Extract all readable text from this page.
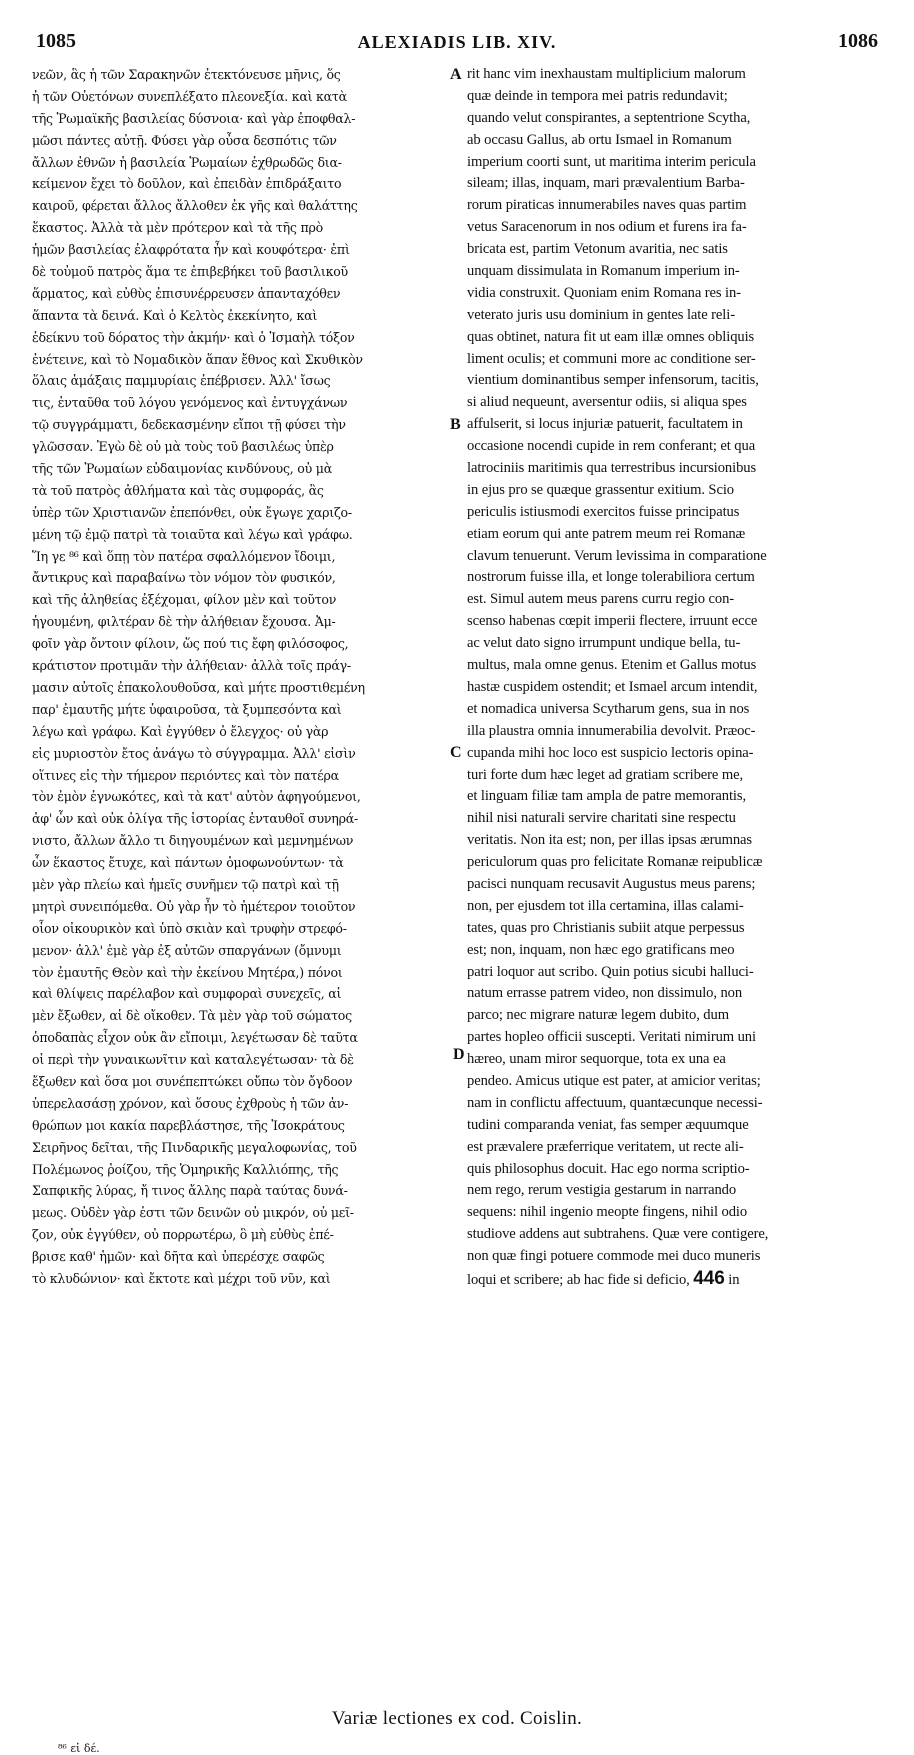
1085	ALEXIADIS LIB. XIV.	1086
νεῶν, ἃς ἡ τῶν Σαρακηνῶν ἐτεκτόνευσε μῆνις, ὅς
ἡ τῶν Οὐετόνων συνεπλέξατο πλεονεξία. καὶ κατὰ
τῆς Ῥωμαϊκῆς βασιλείας δύσνοια· καὶ γὰρ ἐποφθαλ-
μῶσι πάντες αὐτῇ. Φύσει γὰρ οὖσα δεσπότις τῶν
ἄλλων ἐθνῶν ἡ βασιλεία Ῥωμαίων ἐχθρωδῶς δια-
κείμενον ἔχει τὸ δοῦλον, καὶ ἐπειδὰν ἐπιδράξαιτο
καιροῦ, φέρεται ἄλλος ἄλλοθεν ἐκ γῆς καὶ θαλάττης
ἕκαστος. Ἀλλὰ τὰ μὲν πρότερον καὶ τὰ τῆς πρὸ
ἡμῶν βασιλείας ἐλαφρότατα ἦν καὶ κουφότερα· ἐπὶ
δὲ τοὐμοῦ πατρὸς ἅμα τε ἐπιβεβήκει τοῦ βασιλικοῦ
ἅρματος, καὶ εὐθὺς ἐπισυνέρρευσεν ἁπανταχόθεν
ἅπαντα τὰ δεινά. Καὶ ὁ Κελτὸς ἐκεκίνητο, καὶ
ἐδείκνυ τοῦ δόρατος τὴν ἀκμήν· καὶ ὁ Ἰσμαὴλ τόξον
ἐνέτεινε, καὶ τὸ Νομαδικὸν ἅπαν ἔθνος καὶ Σκυθικὸν
ὅλαις ἁμάξαις παμμυρίαις ἐπέβρισεν. Ἀλλ' ἴσως
τις, ἐνταῦθα τοῦ λόγου γενόμενος καὶ ἐντυγχάνων
τῷ συγγράμματι, δεδεκασμένην εἴποι τῇ φύσει τὴν
γλῶσσαν. Ἐγὼ δὲ οὐ μὰ τοὺς τοῦ βασιλέως ὑπὲρ
τῆς τῶν Ῥωμαίων εὐδαιμονίας κινδύνους, οὐ μὰ
τὰ τοῦ πατρὸς ἀθλήματα καὶ τὰς συμφοράς, ἃς
ὑπὲρ τῶν Χριστιανῶν ἐπεπόνθει, οὐκ ἔγωγε χαριζο-
μένη τῷ ἐμῷ πατρὶ τὰ τοιαῦτα καὶ λέγω καὶ γράφω.
Ἵη γε ⁸⁶ καὶ ὅπῃ τὸν πατέρα σφαλλόμενον ἴδοιμι,
ἄντικρυς καὶ παραβαίνω τὸν νόμον τὸν φυσικόν,
καὶ τῆς ἀληθείας ἐξέχομαι, φίλον μὲν καὶ τοῦτον
ἡγουμένη, φιλτέραν δὲ τὴν ἀλήθειαν ἔχουσα. Ἀμ-
φοῖν γὰρ ὄντοιν φίλοιν, ὥς πού τις ἔφη φιλόσοφος,
κράτιστον προτιμᾶν τὴν ἀλήθειαν· ἀλλὰ τοῖς πράγ-
μασιν αὐτοῖς ἐπακολουθοῦσα, καὶ μήτε προστιθεμένη
παρ' ἐμαυτῆς μήτε ὑφαιροῦσα, τὰ ξυμπεσόντα καὶ
λέγω καὶ γράφω. Καὶ ἐγγύθεν ὁ ἔλεγχος· οὐ γὰρ
εἰς μυριοστὸν ἔτος ἀνάγω τὸ σύγγραμμα. Ἀλλ' εἰσὶν
οἵτινες εἰς τὴν τήμερον περιόντες καὶ τὸν πατέρα
τὸν ἐμὸν ἐγνωκότες, καὶ τὰ κατ' αὐτὸν ἀφηγούμενοι,
ἀφ' ὧν καὶ οὐκ ὀλίγα τῆς ἱστορίας ἐνταυθοῖ συνηρά-
νιστο, ἄλλων ἄλλο τι διηγουμένων καὶ μεμνημένων
ὧν ἕκαστος ἔτυχε, καὶ πάντων ὁμοφωνούντων· τὰ
μὲν γὰρ πλείω καὶ ἡμεῖς συνῆμεν τῷ πατρὶ καὶ τῇ
μητρὶ συνειπόμεθα. Οὐ γὰρ ἦν τὸ ἡμέτερον τοιοῦτον
οἷον οἰκουρικὸν καὶ ὑπὸ σκιὰν καὶ τρυφὴν στρεφό-
μενον· ἀλλ' ἐμὲ γὰρ ἐξ αὐτῶν σπαργάνων (ὄμνυμι
τὸν ἐμαυτῆς Θεὸν καὶ τὴν ἐκείνου Μητέρα,) πόνοι
καὶ θλίψεις παρέλαβον καὶ συμφοραὶ συνεχεῖς, αἱ
μὲν ἔξωθεν, αἱ δὲ οἴκοθεν. Τὰ μὲν γὰρ τοῦ σώματος
ὁποδαπὰς εἶχον οὐκ ἂν εἴποιμι, λεγέτωσαν δὲ ταῦτα
οἱ περὶ τὴν γυναικωνῖτιν καὶ καταλεγέτωσαν· τὰ δὲ
ἔξωθεν καὶ ὅσα μοι συνέπεπτώκει οὔπω τὸν ὄγδοον
ὑπερελασάσῃ χρόνον, καὶ ὅσους ἐχθροὺς ἡ τῶν ἀν-
θρώπων μοι κακία παρεβλάστησε, τῆς Ἰσοκράτους
Σειρῆνος δεῖται, τῆς Πινδαρικῆς μεγαλοφωνίας, τοῦ
Πολέμωνος ῥοίζου, τῆς Ὁμηρικῆς Καλλιόπης, τῆς
Σαπφικῆς λύρας, ἤ τινος ἄλλης παρὰ ταύτας δυνά-
μεως. Οὐδὲν γὰρ ἐστι τῶν δεινῶν οὐ μικρόν, οὐ μεῖ-
ζον, οὐκ ἐγγύθεν, οὐ πορρωτέρω, ὃ μὴ εὐθὺς ἐπέ-
βρισε καθ' ἡμῶν· καὶ δῆτα καὶ ὑπερέσχε σαφῶς
τὸ κλυδώνιον· καὶ ἔκτοτε καὶ μέχρι τοῦ νῦν, καὶ
rit hanc vim inexhaustam multiplicium malorum
quæ deinde in tempora mei patris redundavit;
quando velut conspirantes, a septentrione Scytha,
ab occasu Gallus, ab ortu Ismael in Romanum
imperium coorti sunt, ut maritima interim pericula
sileam; illas, inquam, mari prævalentium Barba-
rorum piraticas innumerabiles naves quas partim
vetus Saracenorum in nos odium et furens ira fa-
bricata est, partim Vetonum avaritia, nec satis
unquam dissimulata in Romanum imperium in-
vidia construxit. Quoniam enim Romana res in-
veterato juris usu dominium in gentes late reli-
quas obtinet, natura fit ut eam illæ omnes obliquis
liment oculis; et communi more ac conditione ser-
vientium dominantibus semper infensorum, tacitis,
si aliud nequeunt, aversentur odiis, si aliqua spes
affulserit, si locus injuriæ patuerit, facultatem in
occasione nocendi cupide in rem conferant; et qua
latrociniis maritimis qua terrestribus incursionibus
in ejus pro se quæque grassentur exitium. Scio
periculis istiusmodi exercitos fuisse principatus
etiam eorum qui ante patrem meum rei Romanæ
clavum tenuerunt. Verum levissima in comparatione
nostrorum fuisse illa, et longe tolerabiliora certum
est. Simul autem meus parens curru regio con-
scenso habenas cœpit imperii flectere, irruunt ecce
ac velut dato signo irrumpunt undique bella, tu-
multus, mala omne genus. Etenim et Gallus motus
hastæ cuspidem ostendit; et Ismael arcum intendit,
et nomadica universa Scytharum gens, sua in nos
illa plaustra omnia innumerabilia devolvit. Præoc-
cupanda mihi hoc loco est suspicio lectoris opina-
turi forte dum hæc leget ad gratiam scribere me,
et linguam filiæ tam ampla de patre memorantis,
nihil nisi naturali servire charitati sine respectu
veritatis. Non ita est; non, per illas ipsas ærumnas
periculorum quas pro felicitate Romanæ reipublicæ
pacisci nunquam recusavit Augustus meus parens;
non, per ejusdem tot illa certamina, illas calami-
tates, quas pro Christianis subiit atque perpessus
est; non, inquam, non hæc ego gratificans meo
patri loquor aut scribo. Quin potius sicubi halluci-
natum errasse patrem video, non dissimulo, non
parco; nec migrare naturæ legem dubito, dum
partes hopleo officii suscepti. Veritati nimirum uni
hæreo, unam miror sequorque, tota ex una ea
pendeo. Amicus utique est pater, at amicior veritas;
nam in conflictu affectuum, quantæcunque necessi-
tudini comparanda veniat, fas semper æquumque
est prævalere præferrique veritatem, ut recte ali-
quis philosophus docuit. Hac ego norma scriptio-
nem rego, rerum vestigia gestarum in narrando
sequens: nihil ingenio meopte fingens, nihil odio
studiove addens aut subtrahens. Quæ vere contigere,
non quæ fingi potuere commode mei duco muneris
loqui et scribere; ab hac fide si deficio, 446 in
A
B
C
D
Variæ lectiones ex cod. Coislin.
⁸⁶ εἰ δέ.
